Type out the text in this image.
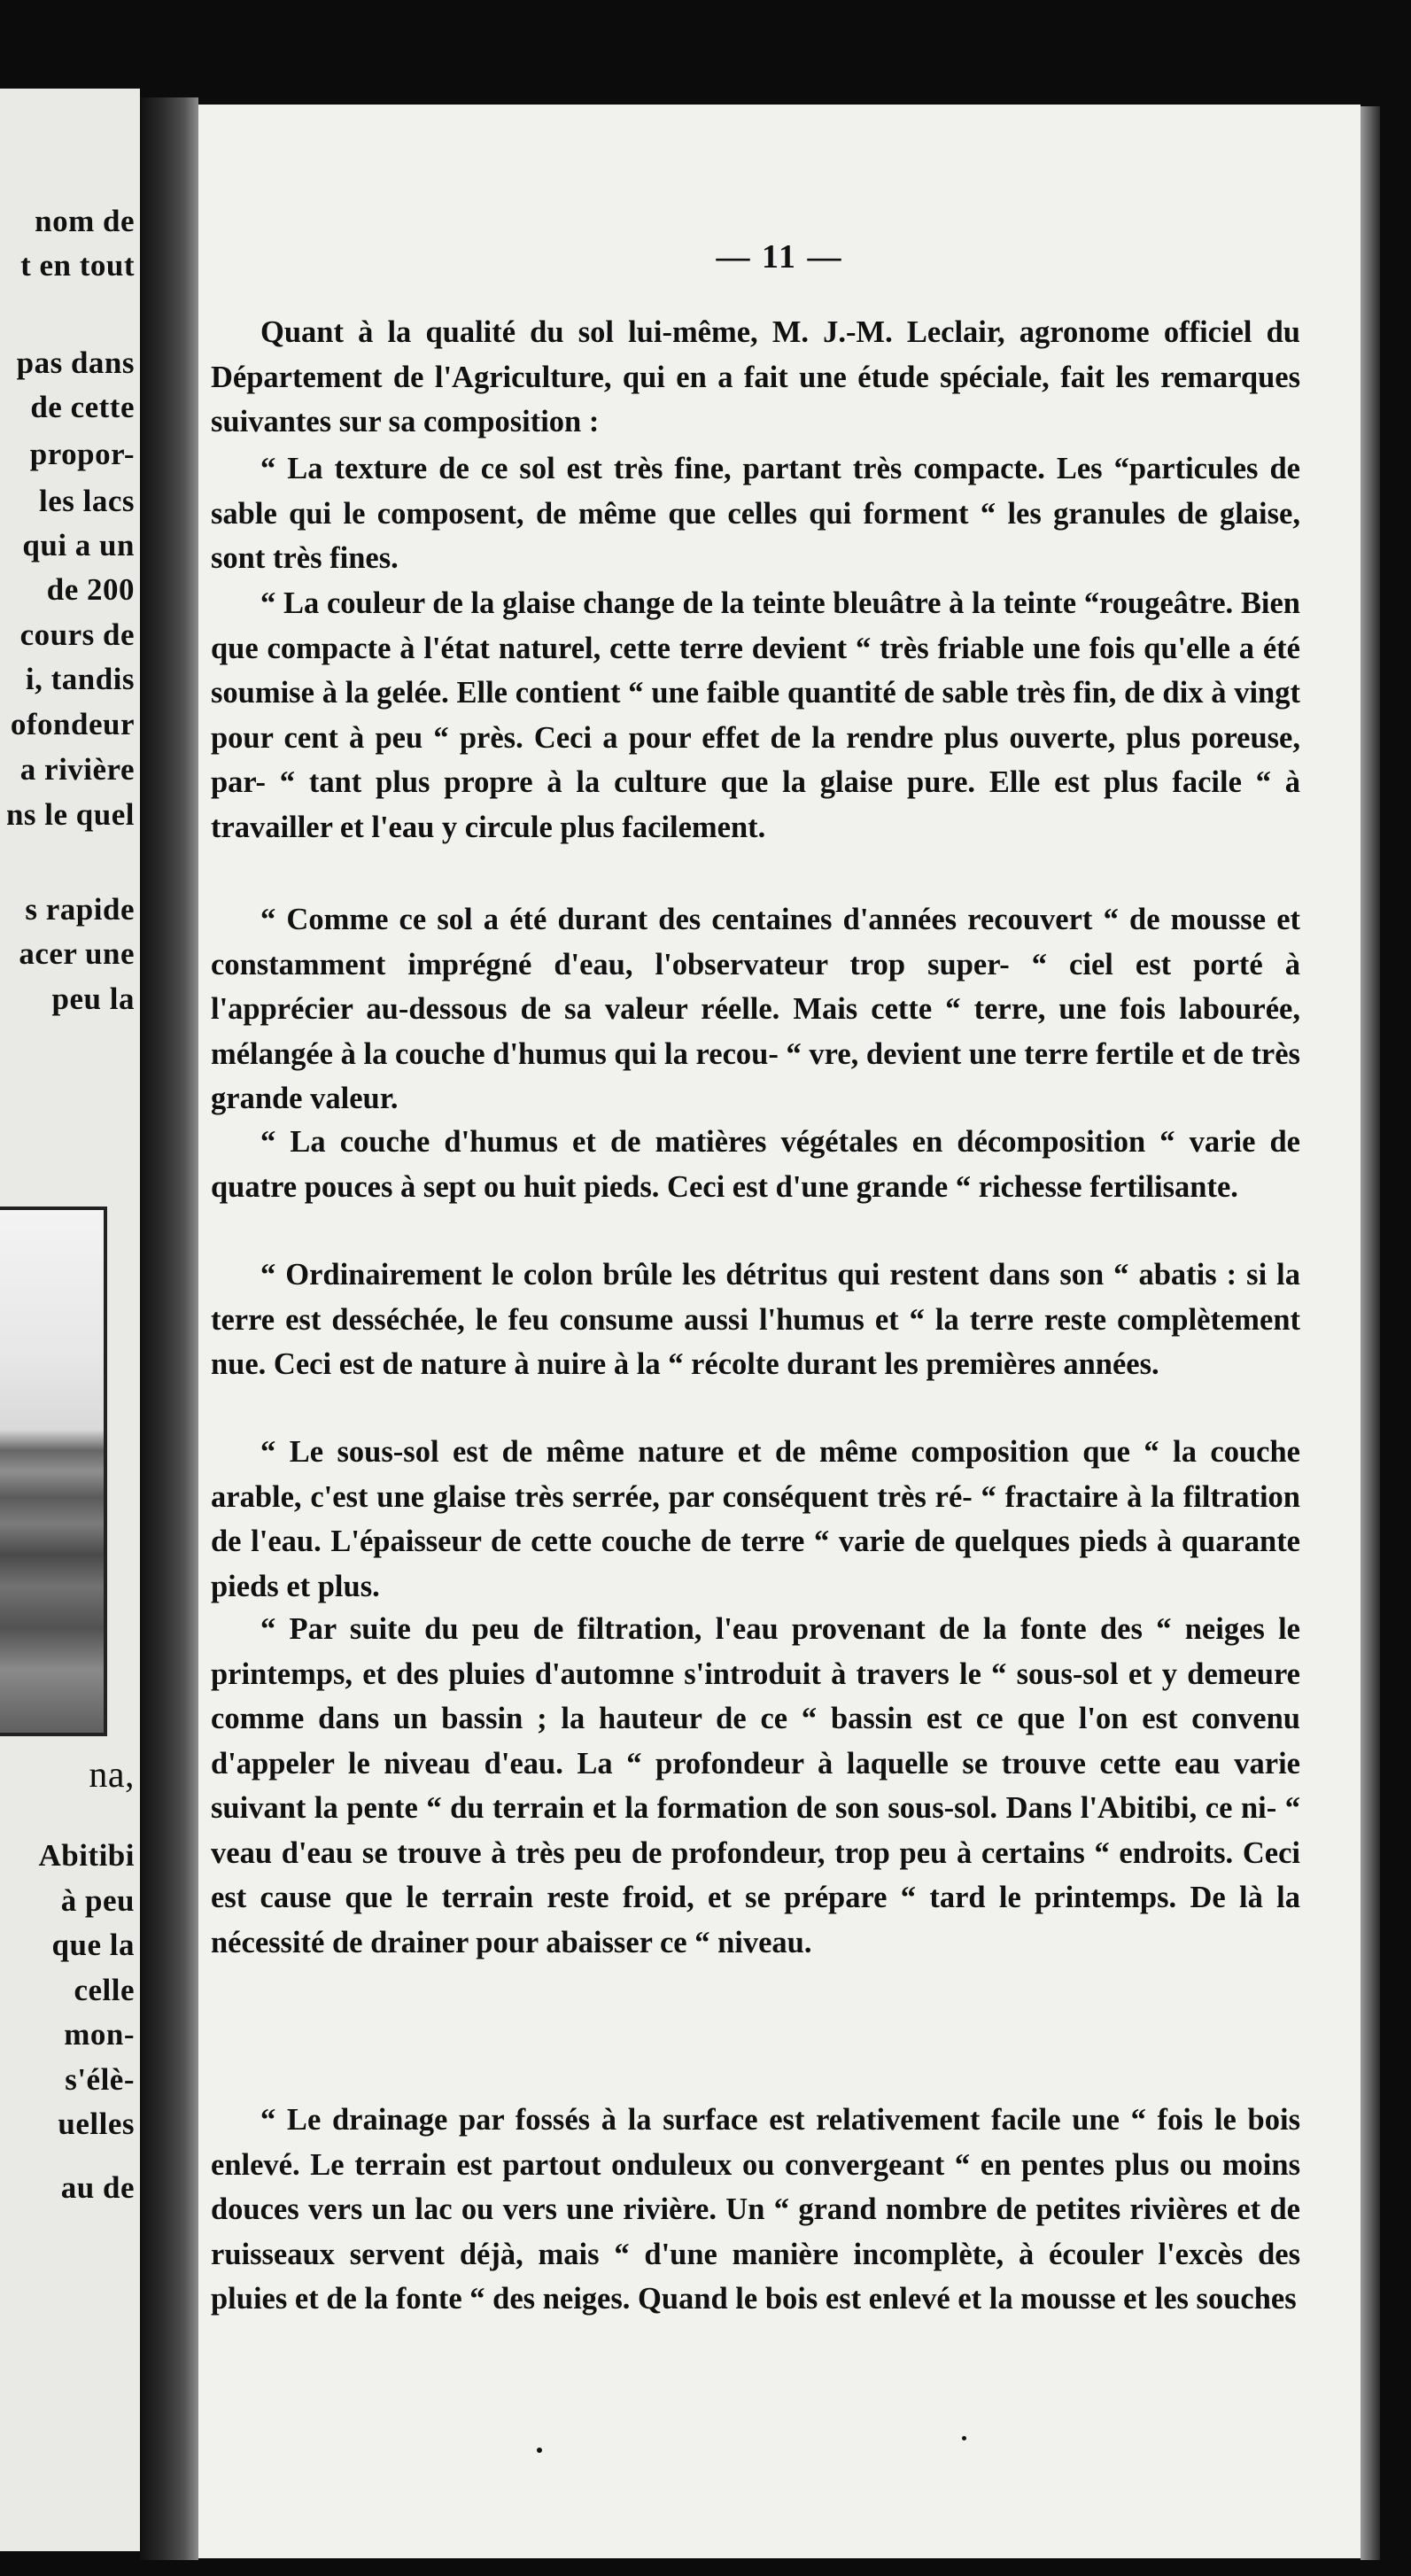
nom de
t en tout
pas dans
de cette
propor-
les lacs
qui a un
de 200
cours de
i, tandis
ofondeur
a rivière
ns le quel
s rapide
acer une
peu la
na,
Abitibi
à peu
que la
celle
mon-
s'élè-
uelles
au de
— 11 —

Quant à la qualité du sol lui-même, M. J.-M. Leclair, agronome officiel du Département de l'Agriculture, qui en a fait une étude spéciale, fait les remarques suivantes sur sa composition :

“ La texture de ce sol est très fine, partant très compacte. Les “particules de sable qui le composent, de même que celles qui forment “ les granules de glaise, sont très fines.

“ La couleur de la glaise change de la teinte bleuâtre à la teinte “rougeâtre. Bien que compacte à l'état naturel, cette terre devient “ très friable une fois qu'elle a été soumise à la gelée. Elle contient “ une faible quantité de sable très fin, de dix à vingt pour cent à peu “ près. Ceci a pour effet de la rendre plus ouverte, plus poreuse, par- “ tant plus propre à la culture que la glaise pure. Elle est plus facile “ à travailler et l'eau y circule plus facilement.

“ Comme ce sol a été durant des centaines d'années recouvert “ de mousse et constamment imprégné d'eau, l'observateur trop super- “ ciel est porté à l'apprécier au-dessous de sa valeur réelle. Mais cette “ terre, une fois labourée, mélangée à la couche d'humus qui la recou- “ vre, devient une terre fertile et de très grande valeur.

“ La couche d'humus et de matières végétales en décomposition “ varie de quatre pouces à sept ou huit pieds. Ceci est d'une grande “ richesse fertilisante.

“ Ordinairement le colon brûle les détritus qui restent dans son “ abatis : si la terre est desséchée, le feu consume aussi l'humus et “ la terre reste complètement nue. Ceci est de nature à nuire à la “ récolte durant les premières années.

“ Le sous-sol est de même nature et de même composition que “ la couche arable, c'est une glaise très serrée, par conséquent très ré- “ fractaire à la filtration de l'eau. L'épaisseur de cette couche de terre “ varie de quelques pieds à quarante pieds et plus.

“ Par suite du peu de filtration, l'eau provenant de la fonte des “ neiges le printemps, et des pluies d'automne s'introduit à travers le “ sous-sol et y demeure comme dans un bassin ; la hauteur de ce “ bassin est ce que l'on est convenu d'appeler le niveau d'eau. La “ profondeur à laquelle se trouve cette eau varie suivant la pente “ du terrain et la formation de son sous-sol. Dans l'Abitibi, ce ni- “ veau d'eau se trouve à très peu de profondeur, trop peu à certains “ endroits. Ceci est cause que le terrain reste froid, et se prépare “ tard le printemps. De là la nécessité de drainer pour abaisser ce “ niveau.

“ Le drainage par fossés à la surface est relativement facile une “ fois le bois enlevé. Le terrain est partout onduleux ou convergeant “ en pentes plus ou moins douces vers un lac ou vers une rivière. Un “ grand nombre de petites rivières et de ruisseaux servent déjà, mais “ d'une manière incomplète, à écouler l'excès des pluies et de la fonte “ des neiges. Quand le bois est enlevé et la mousse et les souches
